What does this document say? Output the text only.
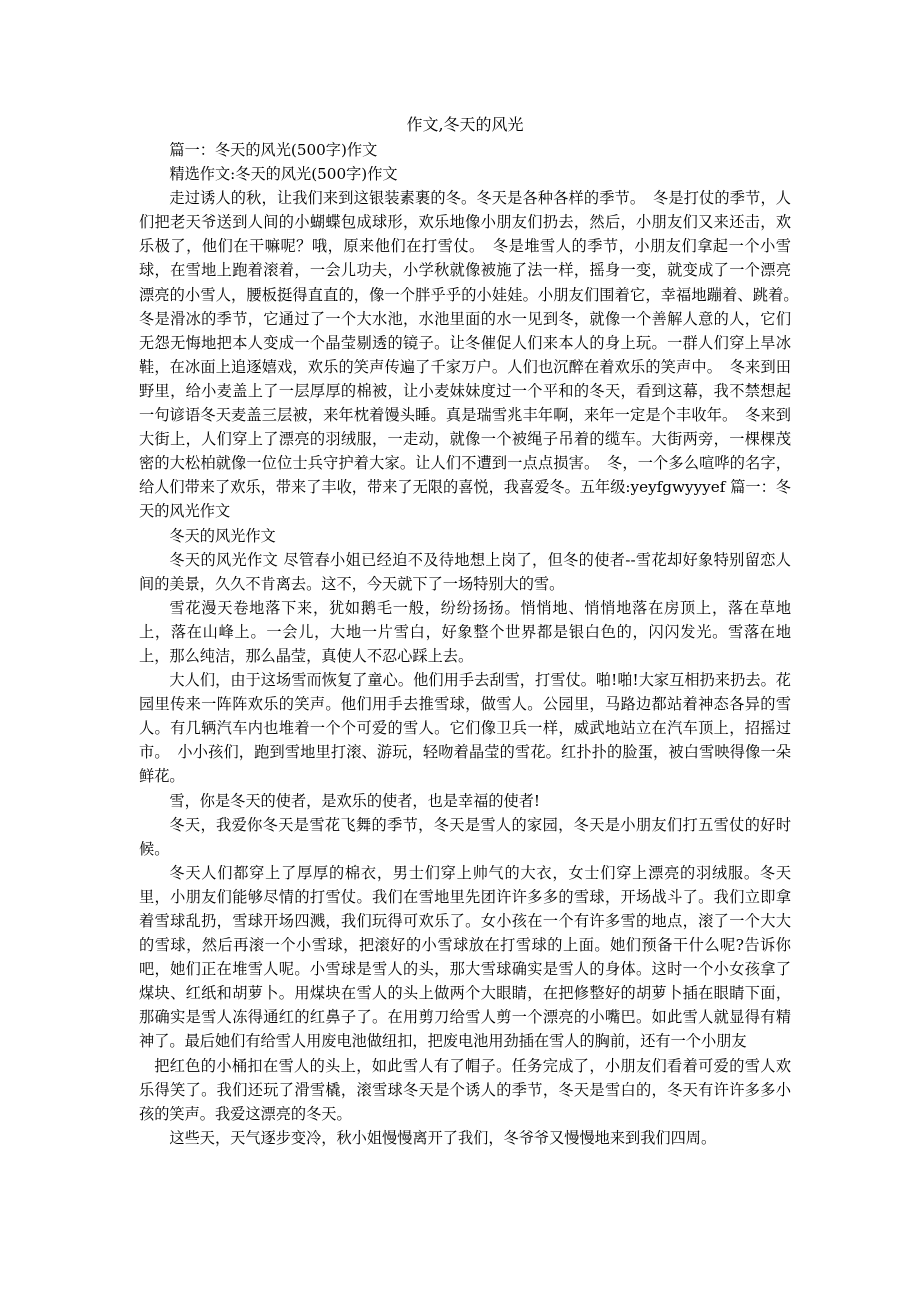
作文,冬天的风光

篇一：冬天的风光(500字)作文

精选作文:冬天的风光(500字)作文

走过诱人的秋，让我们来到这银装素裹的冬。冬天是各种各样的季节。　冬是打仗的季节，人们把老天爷送到人间的小蝴蝶包成球形，欢乐地像小朋友们扔去，然后，小朋友们又来还击，欢乐极了，他们在干嘛呢？哦，原来他们在打雪仗。　冬是堆雪人的季节，小朋友们拿起一个小雪球，在雪地上跑着滚着，一会儿功夫，小学秋就像被施了法一样，摇身一变，就变成了一个漂亮漂亮的小雪人，腰板挺得直直的，像一个胖乎乎的小娃娃。小朋友们围着它，幸福地蹦着、跳着。　冬是滑冰的季节，它通过了一个大水池，水池里面的水一见到冬，就像一个善解人意的人，它们无怨无悔地把本人变成一个晶莹剔透的镜子。让冬催促人们来本人的身上玩。一群人们穿上旱冰鞋，在冰面上追逐嬉戏，欢乐的笑声传遍了千家万户。人们也沉醉在着欢乐的笑声中。　冬来到田野里，给小麦盖上了一层厚厚的棉被，让小麦妹妹度过一个平和的冬天，看到这幕，我不禁想起一句谚语冬天麦盖三层被，来年枕着馒头睡。真是瑞雪兆丰年啊，来年一定是个丰收年。　冬来到大街上，人们穿上了漂亮的羽绒服，一走动，就像一个被绳子吊着的缆车。大街两旁，一棵棵茂密的大松柏就像一位位士兵守护着大家。让人们不遭到一点点损害。　冬，一个多么喧哗的名字，给人们带来了欢乐，带来了丰收，带来了无限的喜悦，我喜爱冬。五年级:yeyfgwyyyef 篇一：冬天的风光作文

冬天的风光作文

冬天的风光作文 尽管春小姐已经迫不及待地想上岗了，但冬的使者--雪花却好象特别留恋人间的美景，久久不肯离去。这不，今天就下了一场特别大的雪。

雪花漫天卷地落下来，犹如鹅毛一般，纷纷扬扬。悄悄地、悄悄地落在房顶上，落在草地上，落在山峰上。一会儿，大地一片雪白，好象整个世界都是银白色的，闪闪发光。雪落在地上，那么纯洁，那么晶莹，真使人不忍心踩上去。

大人们，由于这场雪而恢复了童心。他们用手去刮雪，打雪仗。啪!啪!大家互相扔来扔去。花园里传来一阵阵欢乐的笑声。他们用手去推雪球，做雪人。公园里，马路边都站着神态各异的雪人。有几辆汽车内也堆着一个个可爱的雪人。它们像卫兵一样，威武地站立在汽车顶上，招摇过市。　小小孩们，跑到雪地里打滚、游玩，轻吻着晶莹的雪花。红扑扑的脸蛋，被白雪映得像一朵鲜花。

雪，你是冬天的使者，是欢乐的使者，也是幸福的使者!

冬天，我爱你冬天是雪花飞舞的季节，冬天是雪人的家园，冬天是小朋友们打五雪仗的好时候。

冬天人们都穿上了厚厚的棉衣，男士们穿上帅气的大衣，女士们穿上漂亮的羽绒服。冬天里，小朋友们能够尽情的打雪仗。我们在雪地里先团许许多多的雪球，开场战斗了。我们立即拿着雪球乱扔，雪球开场四溅，我们玩得可欢乐了。女小孩在一个有许多雪的地点，滚了一个大大的雪球，然后再滚一个小雪球，把滚好的小雪球放在打雪球的上面。她们预备干什么呢?告诉你吧，她们正在堆雪人呢。小雪球是雪人的头，那大雪球确实是雪人的身体。这时一个小女孩拿了煤块、红纸和胡萝卜。用煤块在雪人的头上做两个大眼睛，在把修整好的胡萝卜插在眼睛下面，那确实是雪人冻得通红的红鼻子了。在用剪刀给雪人剪一个漂亮的小嘴巴。如此雪人就显得有精神了。最后她们有给雪人用废电池做纽扣，把废电池用劲插在雪人的胸前，还有一个小朋友

把红色的小桶扣在雪人的头上，如此雪人有了帽子。任务完成了，小朋友们看着可爱的雪人欢乐得笑了。我们还玩了滑雪橇，滚雪球冬天是个诱人的季节，冬天是雪白的，冬天有许许多多小孩的笑声。我爱这漂亮的冬天。

这些天，天气逐步变冷，秋小姐慢慢离开了我们，冬爷爷又慢慢地来到我们四周。
